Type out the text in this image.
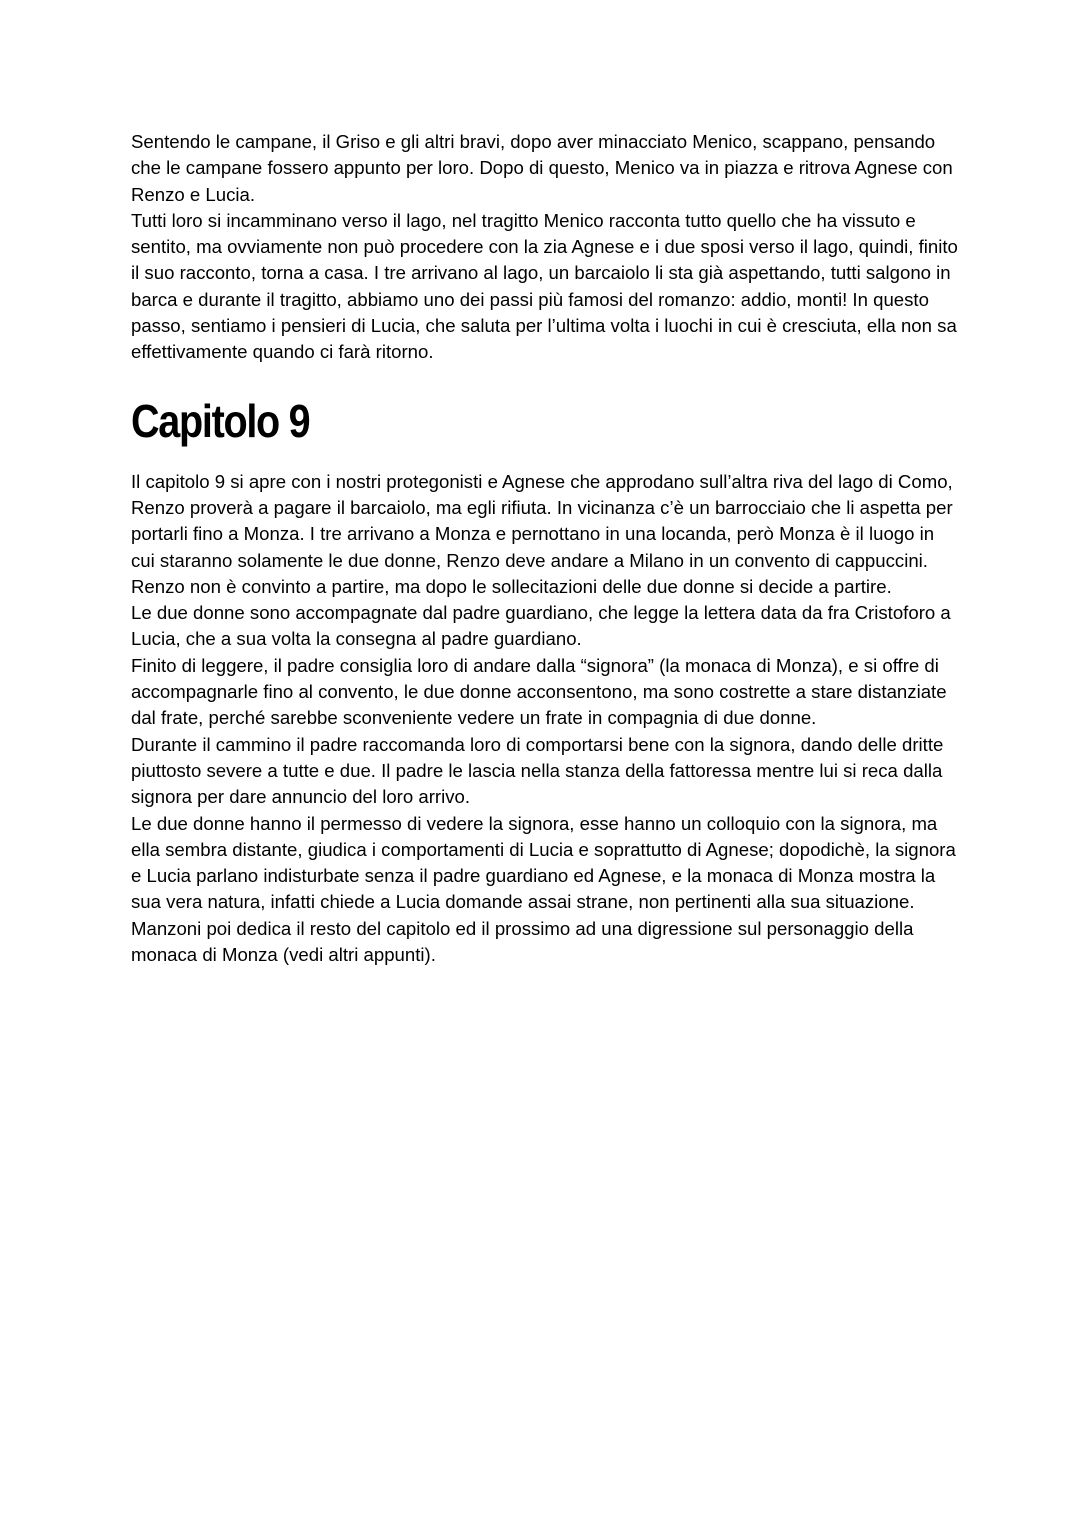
Sentendo le campane, il Griso e gli altri bravi, dopo aver minacciato Menico, scappano, pensando che le campane fossero appunto per loro. Dopo di questo, Menico va in piazza e ritrova Agnese con Renzo e Lucia.

Tutti loro si incamminano verso il lago, nel tragitto Menico racconta tutto quello che ha vissuto e sentito, ma ovviamente non può procedere con la zia Agnese e i due sposi verso il lago, quindi, finito il suo racconto, torna a casa. I tre arrivano al lago, un barcaiolo li sta già aspettando, tutti salgono in barca e durante il tragitto, abbiamo uno dei passi più famosi del romanzo: addio, monti! In questo passo, sentiamo i pensieri di Lucia, che saluta per l’ultima volta i luochi in cui è cresciuta, ella non sa effettivamente quando ci farà ritorno.

Capitolo 9

Il capitolo 9 si apre con i nostri protegonisti e Agnese che approdano sull’altra riva del lago di Como, Renzo proverà a pagare il barcaiolo, ma egli rifiuta. In vicinanza c’è un barrocciaio che li aspetta per portarli fino a Monza. I tre arrivano a Monza e pernottano in una locanda, però Monza è il luogo in cui staranno solamente le due donne, Renzo deve andare a Milano in un convento di cappuccini.

Renzo non è convinto a partire, ma dopo le sollecitazioni delle due donne si decide a partire.

Le due donne sono accompagnate dal padre guardiano, che legge la lettera data da fra Cristoforo a Lucia, che a sua volta la consegna al padre guardiano.

Finito di leggere, il padre consiglia loro di andare dalla “signora” (la monaca di Monza), e si offre di accompagnarle fino al convento, le due donne acconsentono, ma sono costrette a stare distanziate dal frate, perché sarebbe sconveniente vedere un frate in compagnia di due donne.

Durante il cammino il padre raccomanda loro di comportarsi bene con la signora, dando delle dritte piuttosto severe a tutte e due. Il padre le lascia nella stanza della fattoressa mentre lui si reca dalla signora per dare annuncio del loro arrivo.

Le due donne hanno il permesso di vedere la signora, esse hanno un colloquio con la signora, ma ella sembra distante, giudica i comportamenti di Lucia e soprattutto di Agnese; dopodichè, la signora e Lucia parlano indisturbate senza il padre guardiano ed Agnese, e la monaca di Monza mostra la sua vera natura, infatti chiede a Lucia domande assai strane, non pertinenti alla sua situazione.

Manzoni poi dedica il resto del capitolo ed il prossimo ad una digressione sul personaggio della monaca di Monza (vedi altri appunti).
